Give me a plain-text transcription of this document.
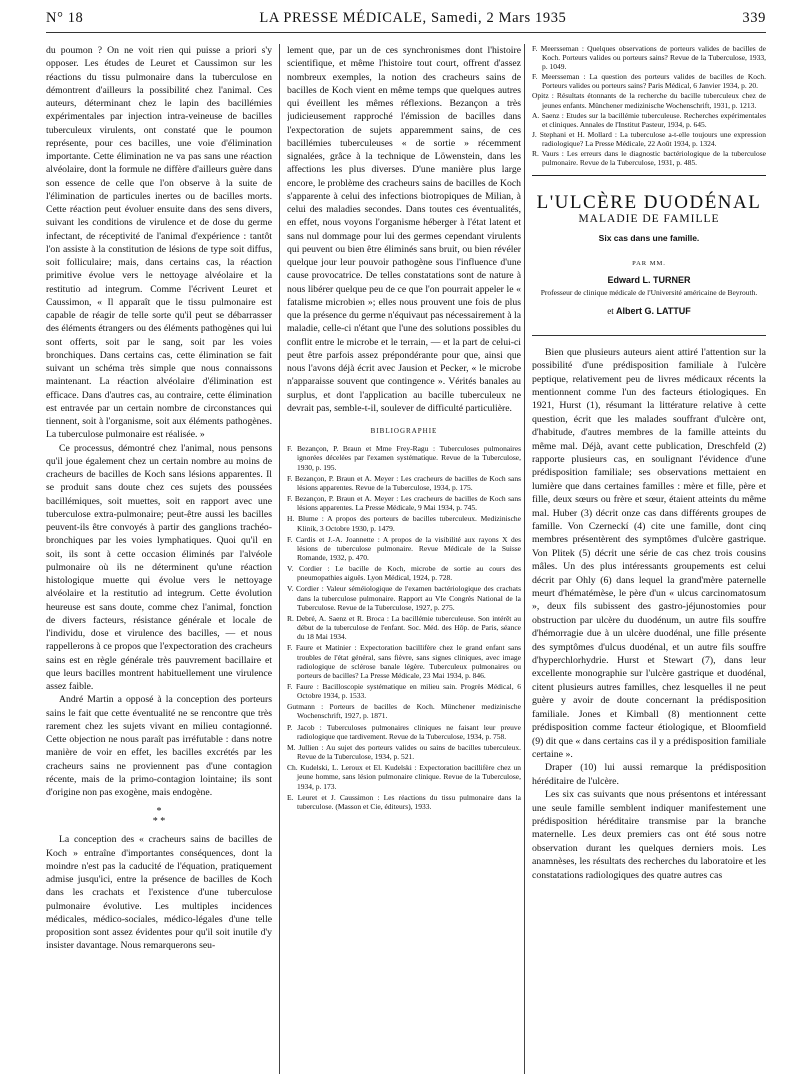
N° 18	LA PRESSE MÉDICALE, Samedi, 2 Mars 1935	339

du poumon ? On ne voit rien qui puisse a priori s'y opposer. Les études de Leuret et Caussimon sur les réactions du tissu pulmonaire dans la tuberculose en démontrent d'ailleurs la possibilité chez l'animal. Ces auteurs, déterminant chez le lapin des bacillémies expérimentales par injection intra-veineuse de bacilles tuberculeux virulents, ont constaté que le poumon représente, pour ces bacilles, une voie d'élimination importante. Cette élimination ne va pas sans une réaction alvéolaire, dont la formule ne diffère d'ailleurs guère dans son essence de celle que l'on observe à la suite de l'élimination de particules inertes ou de bacilles morts. Cette réaction peut évoluer ensuite dans des sens divers, suivant les conditions de virulence et de dose du germe infectant, de réceptivité de l'animal d'expérience : tantôt l'on assiste à la constitution de lésions de type soit diffus, soit folliculaire; mais, dans certains cas, la réaction primitive évolue vers le nettoyage alvéolaire et la restitutio ad integrum. Comme l'écrivent Leuret et Caussimon, « Il apparaît que le tissu pulmonaire est capable de réagir de telle sorte qu'il peut se débarrasser des éléments étrangers ou des éléments pathogènes qui lui sont offerts, soit par le sang, soit par les voies bronchiques. Dans certains cas, cette élimination se fait suivant un schéma très simple que nous connaissons maintenant. La réaction alvéolaire d'élimination est efficace. Dans d'autres cas, au contraire, cette élimination est entravée par un certain nombre de circonstances qui tiennent, soit à l'organisme, soit aux éléments pathogènes. La tuberculose pulmonaire est réalisée. »

Ce processus, démontré chez l'animal, nous pensons qu'il joue également chez un certain nombre au moins de cracheurs de bacilles de Koch sans lésions apparentes. Il se produit sans doute chez ces sujets des poussées bacillémiques, soit muettes, soit en rapport avec une tuberculose extra-pulmonaire; peut-être aussi les bacilles peuvent-ils être convoyés à partir des ganglions trachéo-bronchiques par les voies lymphatiques. Quoi qu'il en soit, ils sont à cette occasion éliminés par l'alvéole pulmonaire où ils ne déterminent qu'une réaction histologique muette qui évolue vers le nettoyage alvéolaire et la restitutio ad integrum. Cette évolution heureuse est sans doute, comme chez l'animal, fonction de divers facteurs, résistance générale et locale de l'individu, dose et virulence des bacilles, — et nous rappellerons à ce propos que l'expectoration des cracheurs sains est en règle générale très pauvrement bacillaire et que leurs bacilles montrent habituellement une virulence assez faible.

André Martin a opposé à la conception des porteurs sains le fait que cette éventualité ne se rencontre que très rarement chez les sujets vivant en milieu contagionné. Cette objection ne nous paraît pas irréfutable : dans notre manière de voir en effet, les bacilles excrétés par les cracheurs sains ne proviennent pas d'une contagion récente, mais de la primo-contagion lointaine; ils sont d'origine non pas exogène, mais endogène.

*
* *

La conception des « cracheurs sains de bacilles de Koch » entraîne d'importantes conséquences, dont la moindre n'est pas la caducité de l'équation, pratiquement admise jusqu'ici, entre la présence de bacilles de Koch dans les crachats et l'existence d'une tuberculose pulmonaire évolutive. Les multiples incidences médicales, médico-sociales, médico-légales d'une telle proposition sont assez évidentes pour qu'il soit inutile d'y insister davantage. Nous remarquerons seu-

lement que, par un de ces synchronismes dont l'histoire scientifique, et même l'histoire tout court, offrent d'assez nombreux exemples, la notion des cracheurs sains de bacilles de Koch vient en même temps que quelques autres qui éveillent les mêmes réflexions. Bezançon a très judicieusement rapproché l'émission de bacilles dans l'expectoration de sujets apparemment sains, de ces bacillémies tuberculeuses « de sortie » récemment signalées, grâce à la technique de Löwenstein, dans les affections les plus diverses. D'une manière plus large encore, le problème des cracheurs sains de bacilles de Koch s'apparente à celui des infections biotropiques de Milian, à celui des maladies secondes. Dans toutes ces éventualités, en effet, nous voyons l'organisme héberger à l'état latent et sans nul dommage pour lui des germes cependant virulents qui peuvent ou bien être éliminés sans bruit, ou bien révéler quelque jour leur pouvoir pathogène sous l'influence d'une cause provocatrice. De telles constatations sont de nature à nous libérer quelque peu de ce que l'on pourrait appeler le « fatalisme microbien »; elles nous prouvent une fois de plus que la présence du germe n'équivaut pas nécessairement à la maladie, celle-ci n'étant que l'une des solutions possibles du conflit entre le microbe et le terrain, — et la part de celui-ci peut être parfois assez prépondérante pour que, ainsi que nous l'avons déjà écrit avec Jausion et Pecker, « le microbe n'apparaisse souvent que contingence ». Vérités banales au surplus, et dont l'application au bacille tuberculeux ne devrait pas, semble-t-il, soulever de difficulté particulière.

BIBLIOGRAPHIE

F. Bezançon, P. Braun et Mme Frey-Ragu : Tuberculoses pulmonaires ignorées décelées par l'examen systématique. Revue de la Tuberculose, 1930, p. 195.

F. Bezançon, P. Braun et A. Meyer : Les cracheurs de bacilles de Koch sans lésions apparentes. Revue de la Tuberculose, 1934, p. 175.

F. Bezançon, P. Braun et A. Meyer : Les cracheurs de bacilles de Koch sans lésions apparentes. La Presse Médicale, 9 Mai 1934, p. 745.

H. Blume : A propos des porteurs de bacilles tuberculeux. Medizinische Klinik, 3 Octobre 1930, p. 1479.

F. Cardis et J.-A. Joannette : A propos de la visibilité aux rayons X des lésions de tuberculose pulmonaire. Revue Médicale de la Suisse Romande, 1932, p. 470.

V. Cordier : Le bacille de Koch, microbe de sortie au cours des pneumopathies aiguës. Lyon Médical, 1924, p. 728.

V. Cordier : Valeur séméiologique de l'examen bactériologique des crachats dans la tuberculose pulmonaire. Rapport au VIe Congrès National de la Tuberculose. Revue de la Tuberculose, 1927, p. 275.

R. Debré, A. Saenz et R. Broca : La bacillémie tuberculeuse. Son intérêt au début de la tuberculose de l'enfant. Soc. Méd. des Hôp. de Paris, séance du 18 Mai 1934.

F. Faure et Matinier : Expectoration bacillifère chez le grand enfant sans troubles de l'état général, sans fièvre, sans signes cliniques, avec image radiologique de sclérose banale légère. Tuberculeux pulmonaires ou porteurs de bacilles? La Presse Médicale, 23 Mai 1934, p. 846.

F. Faure : Bacilloscopie systématique en milieu sain. Progrès Médical, 6 Octobre 1934, p. 1533.

Gutmann : Porteurs de bacilles de Koch. Münchener medizinische Wochenschrift, 1927, p. 1871.

P. Jacob : Tuberculoses pulmonaires cliniques ne faisant leur preuve radiologique que tardivement. Revue de la Tuberculose, 1934, p. 758.

M. Jullien : Au sujet des porteurs valides ou sains de bacilles tuberculeux. Revue de la Tuberculose, 1934, p. 521.

Ch. Kudelski, L. Leroux et El. Kudelski : Expectoration bacillifère chez un jeune homme, sans lésion pulmonaire clinique. Revue de la Tuberculose, 1934, p. 173.

E. Leuret et J. Caussimon : Les réactions du tissu pulmonaire dans la tuberculose. (Masson et Cie, éditeurs), 1933.

F. Meersseman : Quelques observations de porteurs valides de bacilles de Koch. Porteurs valides ou porteurs sains? Revue de la Tuberculose, 1933, p. 1049.

F. Meersseman : La question des porteurs valides de bacilles de Koch. Porteurs valides ou porteurs sains? Paris Médical, 6 Janvier 1934, p. 20.

Opitz : Résultats étonnants de la recherche du bacille tuberculeux chez de jeunes enfants. Münchener medizinische Wochenschrift, 1931, p. 1213.

A. Saenz : Etudes sur la bacillémie tuberculeuse. Recherches expérimentales et cliniques. Annales de l'Institut Pasteur, 1934, p. 645.

J. Stephani et H. Mollard : La tuberculose a-t-elle toujours une expression radiologique? La Presse Médicale, 22 Août 1934, p. 1324.

R. Vaurs : Les erreurs dans le diagnostic bactériologique de la tuberculose pulmonaire. Revue de la Tuberculose, 1931, p. 485.

L'ULCÈRE DUODÉNAL
MALADIE DE FAMILLE
Six cas dans une famille.
PAR MM.
Edward L. TURNER
Professeur de clinique médicale de l'Université américaine de Beyrouth.
et Albert G. LATTUF

Bien que plusieurs auteurs aient attiré l'attention sur la possibilité d'une prédisposition familiale à l'ulcère peptique, relativement peu de livres médicaux récents la mentionnent comme l'un des facteurs étiologiques. En 1921, Hurst (1), résumant la littérature relative à cette question, écrit que les malades souffrant d'ulcère ont, d'habitude, d'autres membres de la famille atteints du même mal. Déjà, avant cette publication, Dreschfeld (2) rapporte plusieurs cas, en soulignant l'évidence d'une prédisposition familiale; ses observations mettaient en lumière que dans certaines familles : mère et fille, père et fille, deux sœurs ou frère et sœur, étaient atteints du même mal. Huber (3) décrit onze cas dans différents groupes de famille. Von Czerneckí (4) cite une famille, dont cinq membres présentèrent des symptômes d'ulcère gastrique. Von Plitek (5) décrit une série de cas chez trois cousins mâles. Un des plus intéressants groupements est celui décrit par Ohly (6) dans lequel la grand'mère paternelle meurt d'hématémèse, le père d'un « ulcus carcinomatosum », deux fils subissent des gastro-jéjunostomies pour obstruction par ulcère du duodénum, un autre fils souffre d'hémorragie due à un ulcère duodénal, une fille présente des symptômes d'ulcus duodénal, et un autre fils souffre d'hyperchlorhydrie. Hurst et Stewart (7), dans leur excellente monographie sur l'ulcère gastrique et duodénal, citent plusieurs autres familles, chez lesquelles il ne peut guère y avoir de doute concernant la prédisposition familiale. Jones et Kimball (8) mentionnent cette prédisposition comme facteur étiologique, et Bloomfield (9) dit que « dans certains cas il y a prédisposition familiale certaine ».

Draper (10) lui aussi remarque la prédisposition héréditaire de l'ulcère.

Les six cas suivants que nous présentons et intéressant une seule famille semblent indiquer manifestement une prédisposition héréditaire transmise par la branche maternelle. Les deux premiers cas ont été sous notre observation durant les quelques derniers mois. Les anamnèses, les résultats des recherches du laboratoire et les constatations radiologiques des quatre autres cas
